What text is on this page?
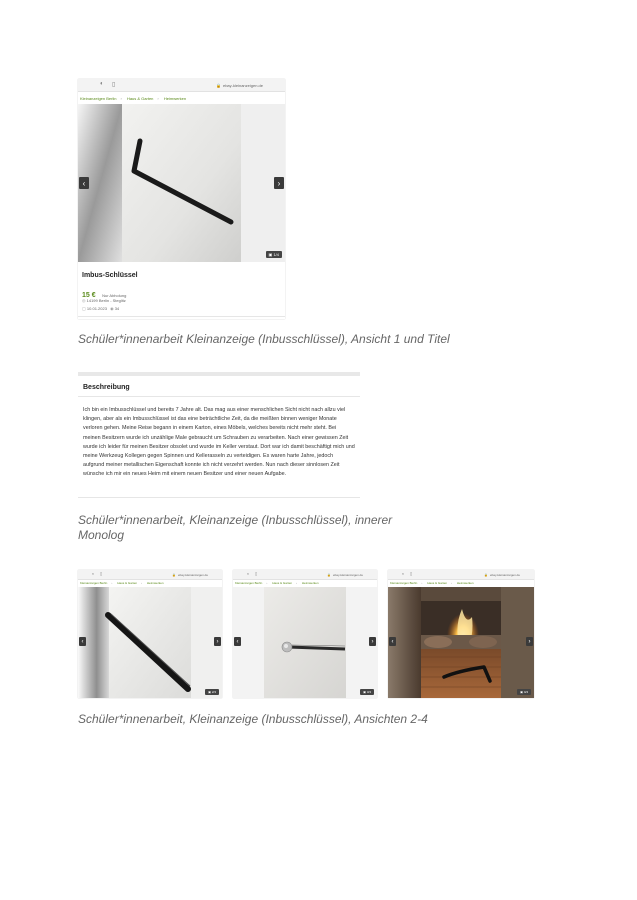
◐ ▯	🔒 ebay-kleinanzeigen.de
Kleinanzeigen Berlin › Haus & Garten › Heimwerken
‹	›
▣ 1/4
Imbus-Schlüssel
15 € Nur Abholung
◎ 14199 Berlin - Steglitz
▢ 10.01.2023 ◉ 34
Schüler*innenarbeit Kleinanzeige (Inbusschlüssel), Ansicht 1 und Titel
Beschreibung
Ich bin ein Imbusschlüssel und bereits 7 Jahre alt. Das mag aus einer menschlichen Sicht nicht nach allzu viel klingen, aber als ein Imbusschlüssel ist das eine beträchtliche Zeit, da die meißten binnen weniger Monate verloren gehen. Meine Reise begann in einem Karton, eines Möbels, welches bereits nicht mehr steht. Bei meinen Besitzern wurde ich unzählige Male gebraucht um Schrauben zu verarbeiten. Nach einer gewissen Zeit wurde ich leider für meinen Besitzer obsolet und wurde im Keller verstaut. Dort war ich damit beschäftigt mich und meine Werkzeug Kollegen gegen Spinnen und Kellerasseln zu verteidigen. Es waren harte Jahre, jedoch aufgrund meiner metallischen Eigenschaft konnte ich nicht verzehrt werden. Nun nach dieser sinnlosen Zeit wünsche ich mir ein neues Heim mit einem neuen Besitzer und einer neuen Aufgabe.
Schüler*innenarbeit, Kleinanzeige (Inbusschlüssel), innerer Monolog
◐ ▯	🔒 ebay-kleinanzeigen.de
Kleinanzeigen Berlin › Haus & Garten › Heimwerken
‹	›
▣ 2/4
◐ ▯	🔒 ebay-kleinanzeigen.de
Kleinanzeigen Berlin › Haus & Garten › Heimwerken
‹	›
▣ 3/4
◐ ▯	🔒 ebay-kleinanzeigen.de
Kleinanzeigen Berlin › Haus & Garten › Heimwerken
‹	›
▣ 4/4
Schüler*innenarbeit, Kleinanzeige (Inbusschlüssel), Ansichten 2-4
